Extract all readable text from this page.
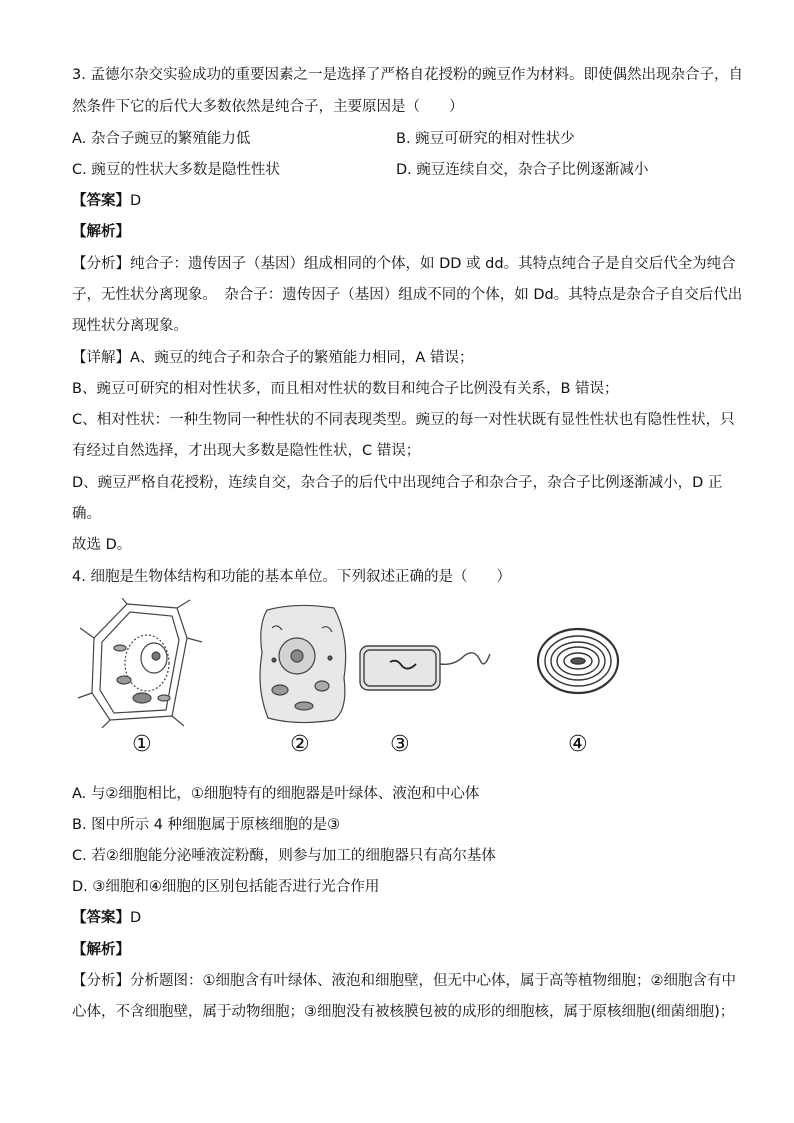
3. 孟德尔杂交实验成功的重要因素之一是选择了严格自花授粉的豌豆作为材料。即使偶然出现杂合子，自
然条件下它的后代大多数依然是纯合子，主要原因是（　　）
A. 杂合子豌豆的繁殖能力低	B. 豌豆可研究的相对性状少
C. 豌豆的性状大多数是隐性性状	D. 豌豆连续自交，杂合子比例逐渐减小
【答案】D
【解析】
【分析】纯合子：遗传因子（基因）组成相同的个体，如 DD 或 dd。其特点纯合子是自交后代全为纯合
子，无性状分离现象。　杂合子：遗传因子（基因）组成不同的个体，如 Dd。其特点是杂合子自交后代出
现性状分离现象。
【详解】A、豌豆的纯合子和杂合子的繁殖能力相同，A 错误；
B、豌豆可研究的相对性状多，而且相对性状的数目和纯合子比例没有关系，B 错误；
C、相对性状：一种生物同一种性状的不同表现类型。豌豆的每一对性状既有显性性状也有隐性性状，只
有经过自然选择，才出现大多数是隐性性状，C 错误；
D、豌豆严格自花授粉，连续自交，杂合子的后代中出现纯合子和杂合子，杂合子比例逐渐减小，D 正
确。
故选 D。
4. 细胞是生物体结构和功能的基本单位。下列叙述正确的是（　　）
①	②	③	④
A. 与②细胞相比，①细胞特有的细胞器是叶绿体、液泡和中心体
B. 图中所示 4 种细胞属于原核细胞的是③
C. 若②细胞能分泌唾液淀粉酶，则参与加工的细胞器只有高尔基体
D. ③细胞和④细胞的区别包括能否进行光合作用
【答案】D
【解析】
【分析】分析题图：①细胞含有叶绿体、液泡和细胞壁，但无中心体，属于高等植物细胞；②细胞含有中
心体，不含细胞壁，属于动物细胞；③细胞没有被核膜包被的成形的细胞核，属于原核细胞(细菌细胞)；
